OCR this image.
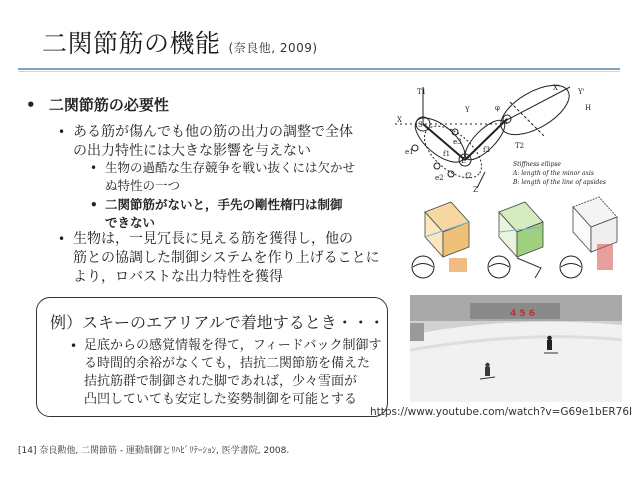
二関節筋の機能 (奈良他, 2009)
• 二関節筋の必要性
• ある筋が傷んでも他の筋の出力の調整で全体
の出力特性には大きな影響を与えない
• 生物の過酷な生存競争を戦い抜くには欠かせ
ぬ特性の一つ
• 二関節筋がないと，手先の剛性楕円は制御
できない
• 生物は，一見冗長に見える筋を獲得し，他の
筋との協調した制御システムを作り上げることに
より，ロバストな出力特性を獲得
T1
Y
Y'
H
X
X'
S
E
f
e1
e2
e3
f1
f2
f3
Z
T2
φ
Stiffness ellipse
A: length of the minor axis
B: length of the line of apsides
例）スキーのエアリアルで着地するとき・・・
• 足底からの感覚情報を得て，フィードバック制御す
る時間的余裕がなくても，拮抗二関節筋を備えた
拮抗筋群で制御された脚であれば，少々雪面が
凸凹していても安定した姿勢制御を可能とする
4 5 6
https://www.youtube.com/watch?v=G69e1bER76I
[14] 奈良勲他, 二関節筋 - 運動制御とﾘﾊﾋﾞﾘﾃｰｼｮﾝ, 医学書院, 2008.
